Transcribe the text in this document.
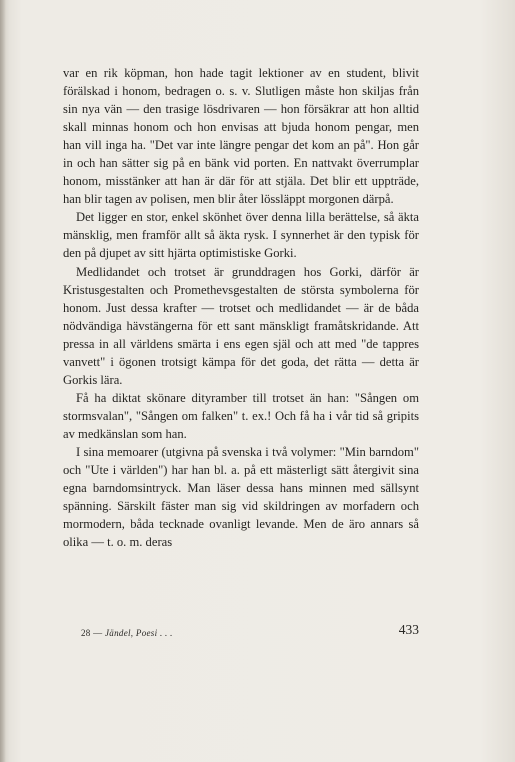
var en rik köpman, hon hade tagit lektioner av en student, blivit förälskad i honom, bedragen o. s. v. Slutligen måste hon skiljas från sin nya vän — den trasige lösdrivaren — hon försäkrar att hon alltid skall minnas honom och hon envisas att bjuda honom pengar, men han vill inga ha. "Det var inte längre pengar det kom an på". Hon går in och han sätter sig på en bänk vid porten. En nattvakt överrumplar honom, misstänker att han är där för att stjäla. Det blir ett uppträde, han blir tagen av polisen, men blir åter lössläppt morgonen därpå.

Det ligger en stor, enkel skönhet över denna lilla berättelse, så äkta mänsklig, men framför allt så äkta rysk. I synnerhet är den typisk för den på djupet av sitt hjärta optimistiske Gorki.

Medlidandet och trotset är grunddragen hos Gorki, därför är Kristusgestalten och Promethevsgestalten de största symbolerna för honom. Just dessa krafter — trotset och medlidandet — är de båda nödvändiga hävstängerna för ett sant mänskligt framåtskridande. Att pressa in all världens smärta i ens egen själ och att med "de tappres vanvett" i ögonen trotsigt kämpa för det goda, det rätta — detta är Gorkis lära.

Få ha diktat skönare dityramber till trotset än han: "Sången om stormsvalan", "Sången om falken" t. ex.! Och få ha i vår tid så gripits av medkänslan som han.

I sina memoarer (utgivna på svenska i två volymer: "Min barndom" och "Ute i världen") har han bl. a. på ett mästerligt sätt återgivit sina egna barndomsintryck. Man läser dessa hans minnen med sällsynt spänning. Särskilt fäster man sig vid skildringen av morfadern och mormodern, båda tecknade ovanligt levande. Men de äro annars så olika — t. o. m. deras

28 — Jändel, Poesi . . .	433
